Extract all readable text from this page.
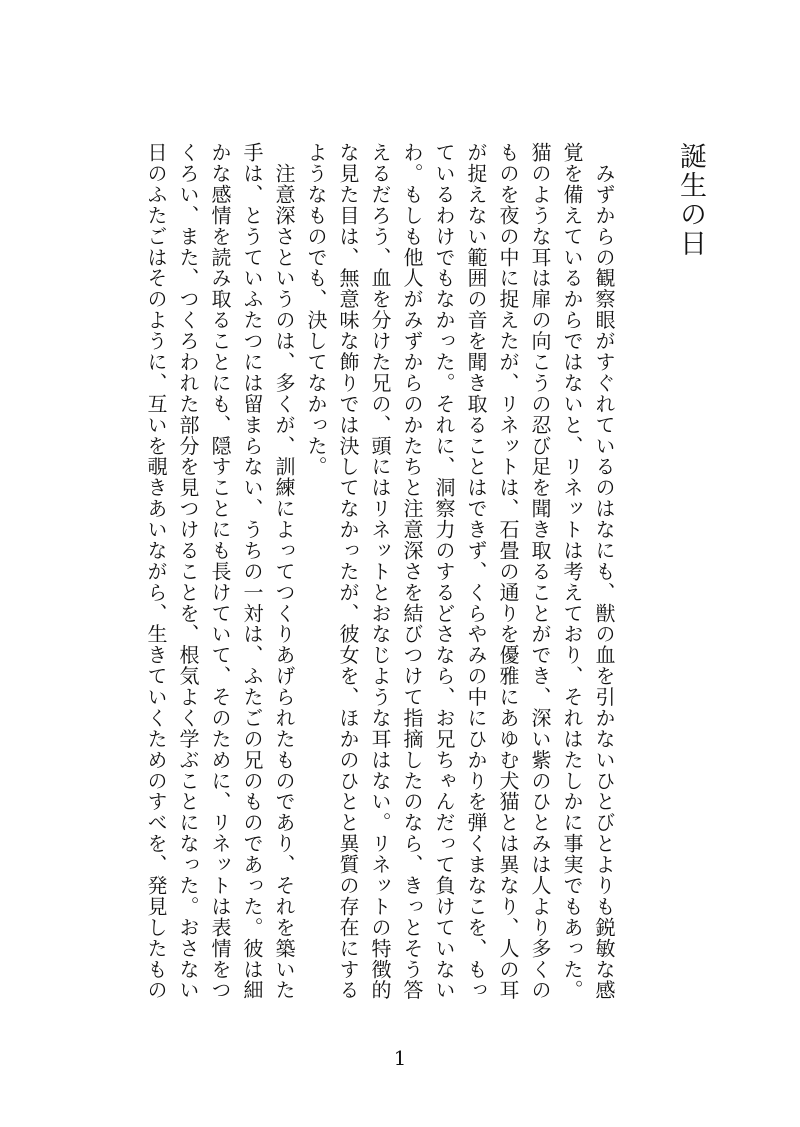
誕生の日
　みずからの観察眼がすぐれているのはなにも、獣の血を引かないひとびとよりも鋭敏な感
覚を備えているからではないと、リネットは考えており、それはたしかに事実でもあった。
猫のような耳は扉の向こうの忍び足を聞き取ることができ、深い紫のひとみは人より多くの
ものを夜の中に捉えたが、リネットは、石畳の通りを優雅にあゆむ犬猫とは異なり、人の耳
が捉えない範囲の音を聞き取ることはできず、くらやみの中にひかりを弾くまなこを、もっ
ているわけでもなかった。それに、洞察力のするどさなら、お兄ちゃんだって負けていない
わ。もしも他人がみずからのかたちと注意深さを結びつけて指摘したのなら、きっとそう答
えるだろう、血を分けた兄の、頭にはリネットとおなじような耳はない。リネットの特徴的
な見た目は、無意味な飾りでは決してなかったが、彼女を、ほかのひとと異質の存在にする
ようなものでも、決してなかった。
　注意深さというのは、多くが、訓練によってつくりあげられたものであり、それを築いた
手は、とうていふたつには留まらない、うちの一対は、ふたごの兄のものであった。彼は細
かな感情を読み取ることにも、隠すことにも長けていて、そのために、リネットは表情をつ
くろい、また、つくろわれた部分を見つけることを、根気よく学ぶことになった。おさない
日のふたごはそのように、互いを覗きあいながら、生きていくためのすべを、発見したもの
1
